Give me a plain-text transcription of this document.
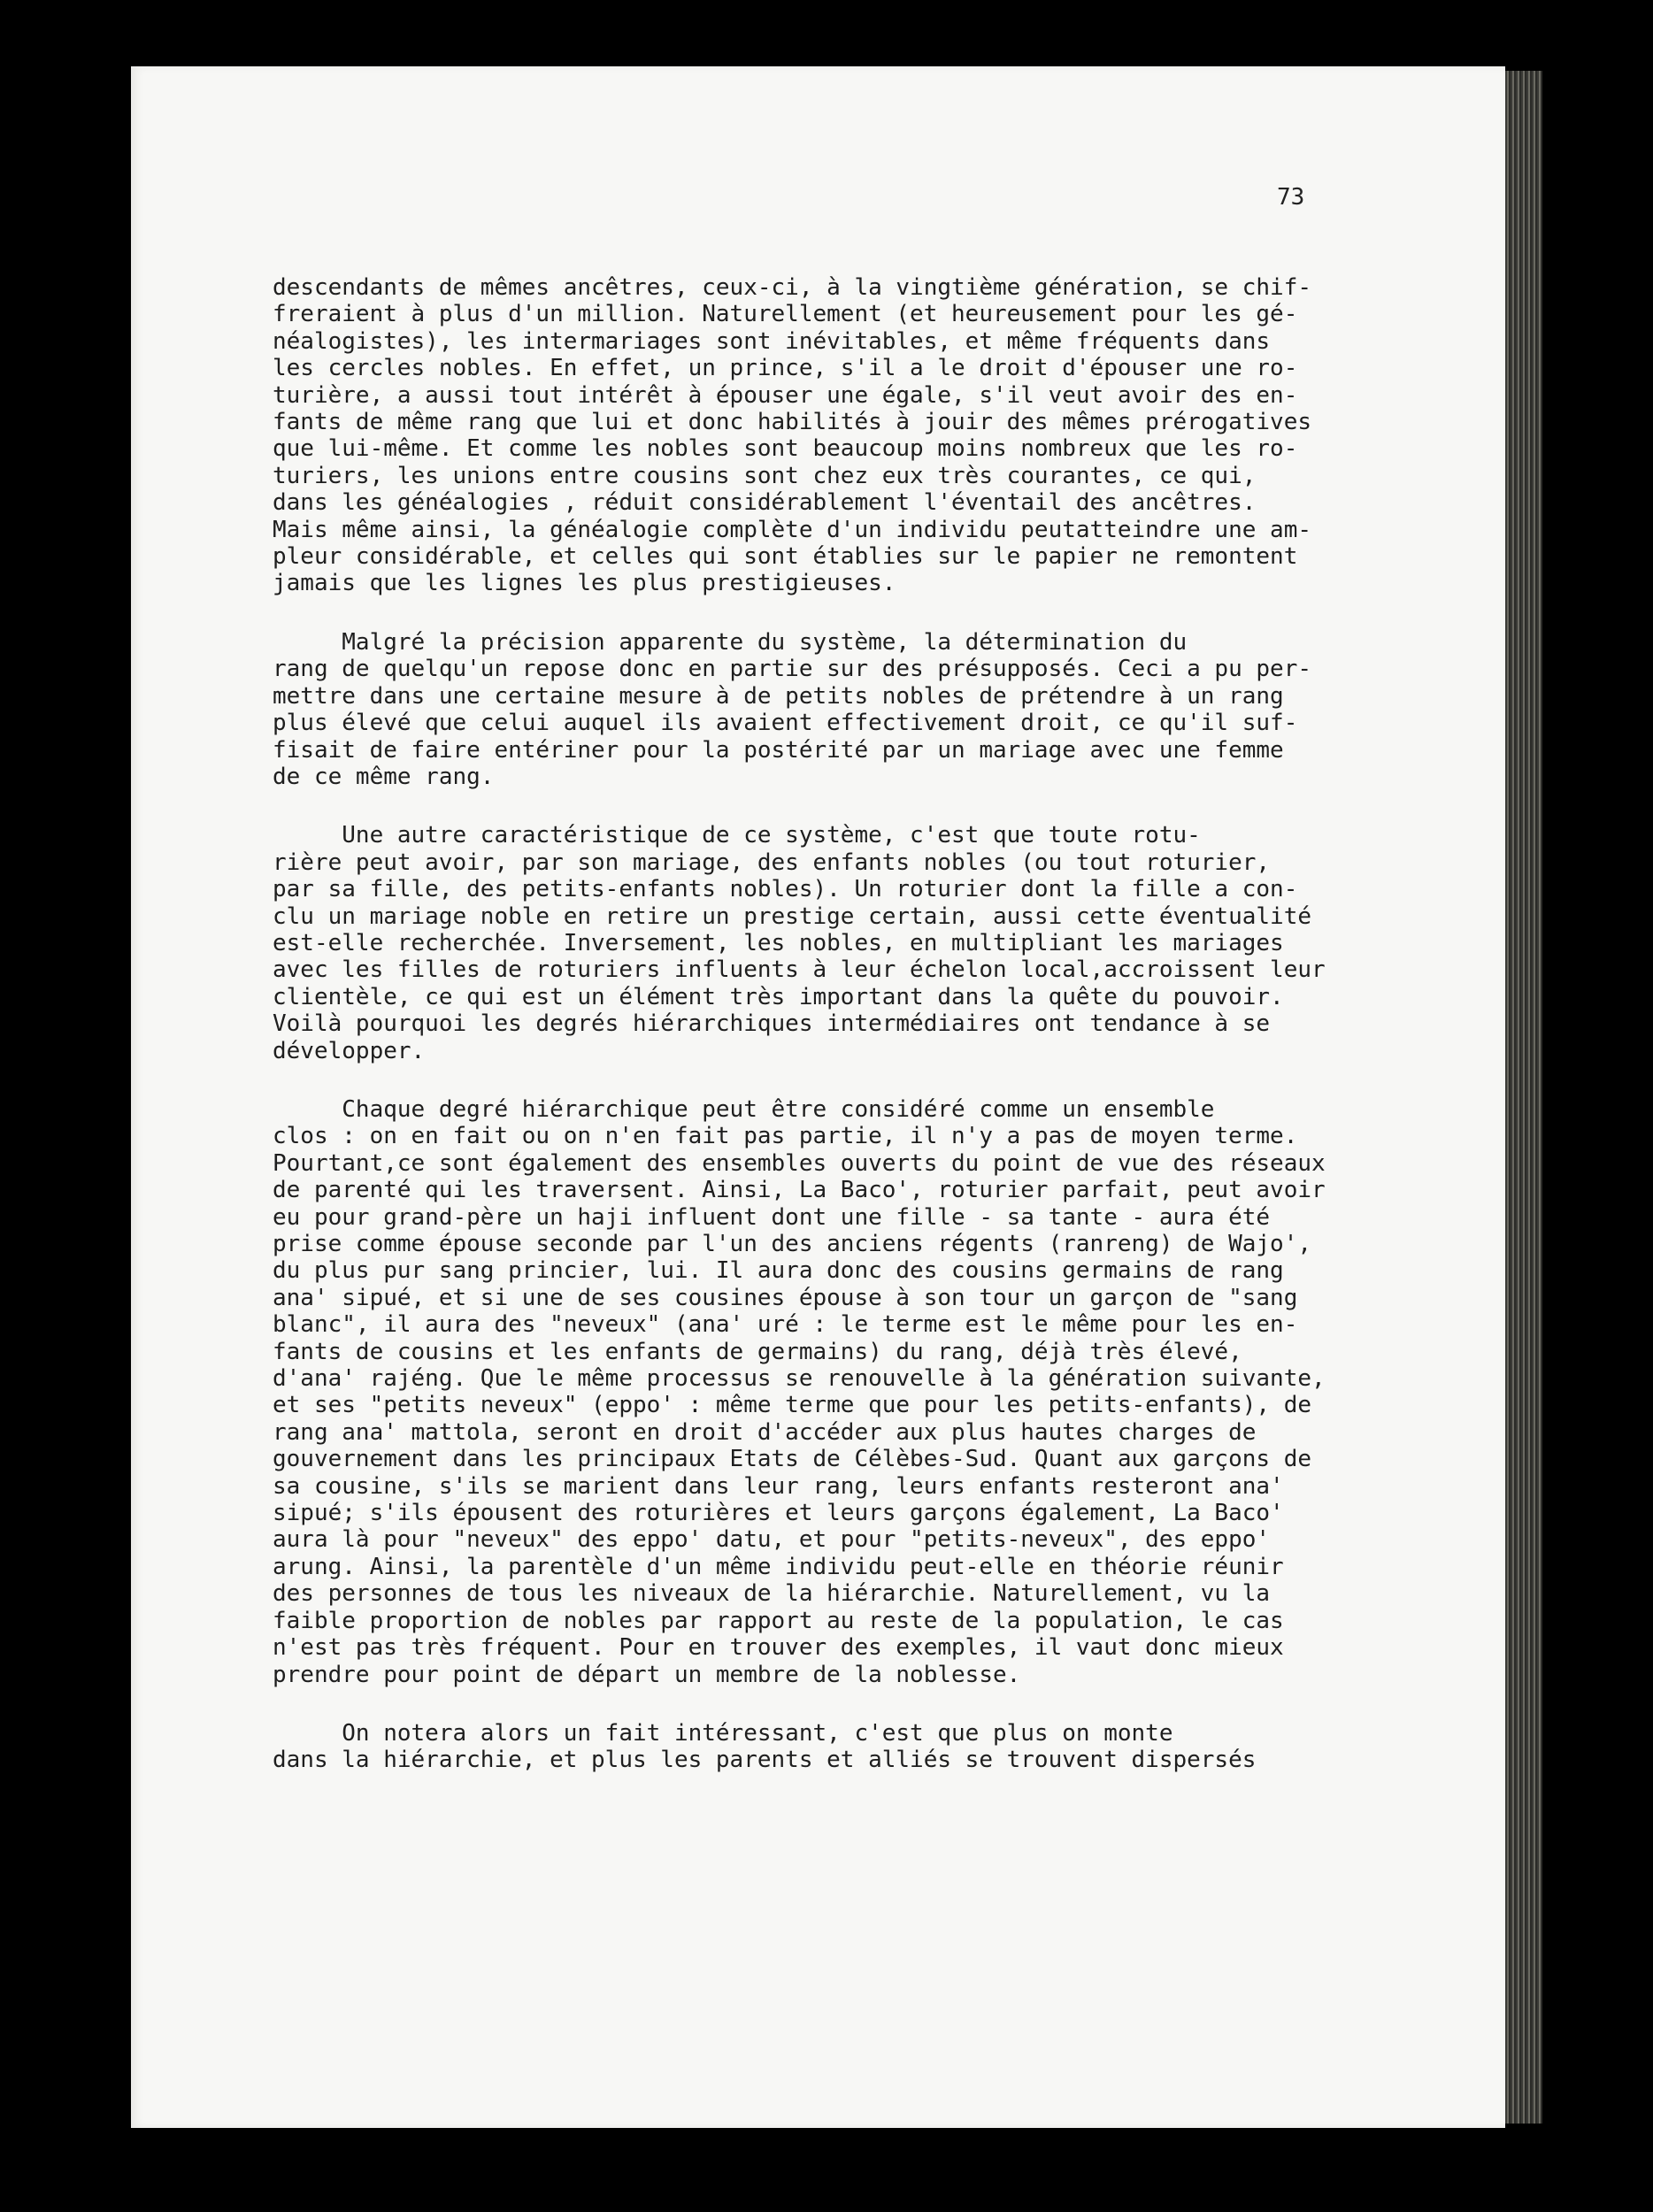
73

descendants de mêmes ancêtres, ceux-ci, à la vingtième génération, se chif-
freraient à plus d'un million. Naturellement (et heureusement pour les gé-
néalogistes), les intermariages sont inévitables, et même fréquents dans
les cercles nobles. En effet, un prince, s'il a le droit d'épouser une ro-
turière, a aussi tout intérêt à épouser une égale, s'il veut avoir des en-
fants de même rang que lui et donc habilités à jouir des mêmes prérogatives
que lui-même. Et comme les nobles sont beaucoup moins nombreux que les ro-
turiers, les unions entre cousins sont chez eux très courantes, ce qui,
dans les généalogies , réduit considérablement l'éventail des ancêtres.
Mais même ainsi, la généalogie complète d'un individu peutatteindre une am-
pleur considérable, et celles qui sont établies sur le papier ne remontent
jamais que les lignes les plus prestigieuses.

Malgré la précision apparente du système, la détermination du
rang de quelqu'un repose donc en partie sur des présupposés. Ceci a pu per-
mettre dans une certaine mesure à de petits nobles de prétendre à un rang
plus élevé que celui auquel ils avaient effectivement droit, ce qu'il suf-
fisait de faire entériner pour la postérité par un mariage avec une femme
de ce même rang.

Une autre caractéristique de ce système, c'est que toute rotu-
rière peut avoir, par son mariage, des enfants nobles (ou tout roturier,
par sa fille, des petits-enfants nobles). Un roturier dont la fille a con-
clu un mariage noble en retire un prestige certain, aussi cette éventualité
est-elle recherchée. Inversement, les nobles, en multipliant les mariages
avec les filles de roturiers influents à leur échelon local,accroissent leur
clientèle, ce qui est un élément très important dans la quête du pouvoir.
Voilà pourquoi les degrés hiérarchiques intermédiaires ont tendance à se
développer.

Chaque degré hiérarchique peut être considéré comme un ensemble
clos : on en fait ou on n'en fait pas partie, il n'y a pas de moyen terme.
Pourtant,ce sont également des ensembles ouverts du point de vue des réseaux
de parenté qui les traversent. Ainsi, La Baco', roturier parfait, peut avoir
eu pour grand-père un haji influent dont une fille - sa tante - aura été
prise comme épouse seconde par l'un des anciens régents (ranreng) de Wajo',
du plus pur sang princier, lui. Il aura donc des cousins germains de rang
ana' sipué, et si une de ses cousines épouse à son tour un garçon de "sang
blanc", il aura des "neveux" (ana' uré : le terme est le même pour les en-
fants de cousins et les enfants de germains) du rang, déjà très élevé,
d'ana' rajéng. Que le même processus se renouvelle à la génération suivante,
et ses "petits neveux" (eppo' : même terme que pour les petits-enfants), de
rang ana' mattola, seront en droit d'accéder aux plus hautes charges de
gouvernement dans les principaux Etats de Célèbes-Sud. Quant aux garçons de
sa cousine, s'ils se marient dans leur rang, leurs enfants resteront ana'
sipué; s'ils épousent des roturières et leurs garçons également, La Baco'
aura là pour "neveux" des eppo' datu, et pour "petits-neveux", des eppo'
arung. Ainsi, la parentèle d'un même individu peut-elle en théorie réunir
des personnes de tous les niveaux de la hiérarchie. Naturellement, vu la
faible proportion de nobles par rapport au reste de la population, le cas
n'est pas très fréquent. Pour en trouver des exemples, il vaut donc mieux
prendre pour point de départ un membre de la noblesse.

On notera alors un fait intéressant, c'est que plus on monte
dans la hiérarchie, et plus les parents et alliés se trouvent dispersés
